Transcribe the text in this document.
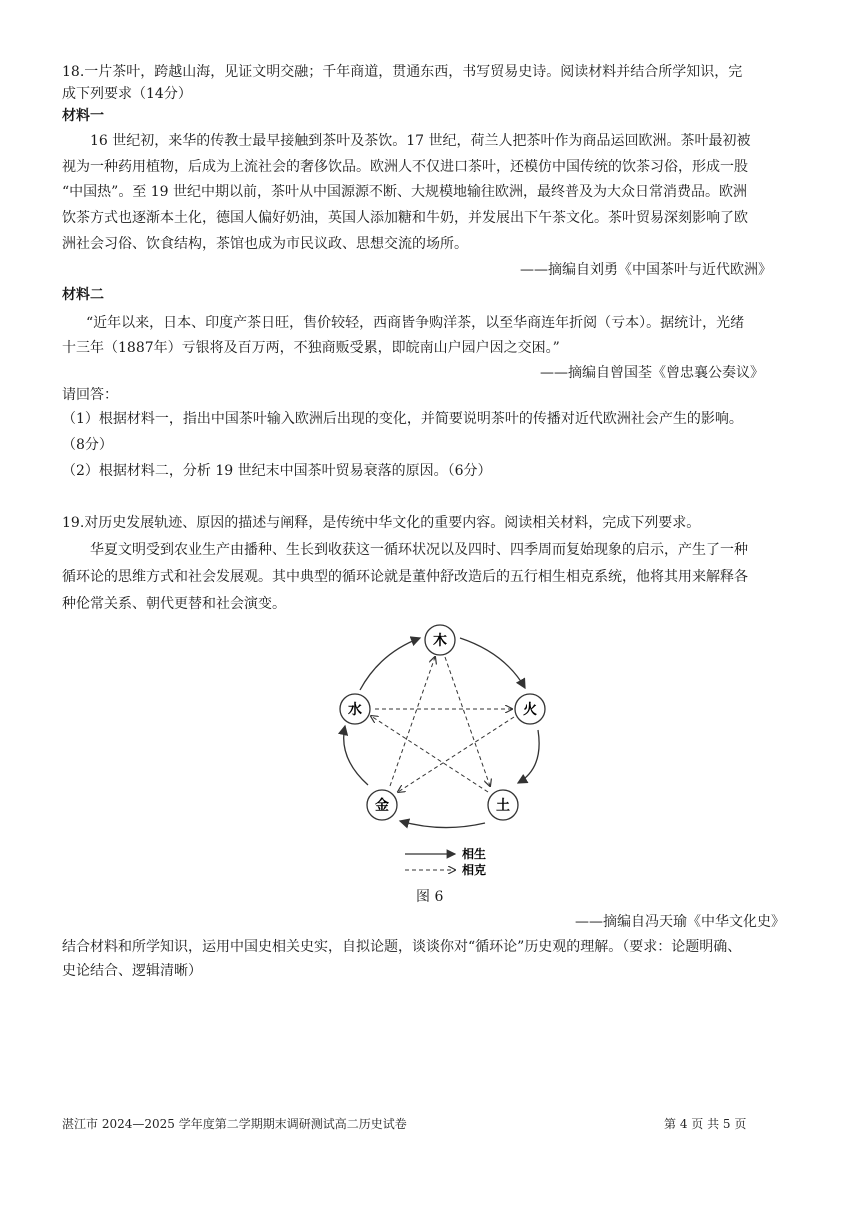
18.一片茶叶，跨越山海，见证文明交融；千年商道，贯通东西，书写贸易史诗。阅读材料并结合所学知识，完

成下列要求（14分）

材料一

16 世纪初，来华的传教士最早接触到茶叶及茶饮。17 世纪，荷兰人把茶叶作为商品运回欧洲。茶叶最初被

视为一种药用植物，后成为上流社会的奢侈饮品。欧洲人不仅进口茶叶，还模仿中国传统的饮茶习俗，形成一股

“中国热”。至 19 世纪中期以前，茶叶从中国源源不断、大规模地输往欧洲，最终普及为大众日常消费品。欧洲

饮茶方式也逐渐本土化，德国人偏好奶油，英国人添加糖和牛奶，并发展出下午茶文化。茶叶贸易深刻影响了欧

洲社会习俗、饮食结构，茶馆也成为市民议政、思想交流的场所。

——摘编自刘勇《中国茶叶与近代欧洲》

材料二

“近年以来，日本、印度产茶日旺，售价较轻，西商皆争购洋茶，以至华商连年折阅（亏本）。据统计，光绪

十三年（1887年）亏银将及百万两，不独商贩受累，即皖南山户园户因之交困。”

——摘编自曾国荃《曾忠襄公奏议》

请回答：

（1）根据材料一，指出中国茶叶输入欧洲后出现的变化，并简要说明茶叶的传播对近代欧洲社会产生的影响。

（8分）

（2）根据材料二，分析 19 世纪末中国茶叶贸易衰落的原因。（6分）

19.对历史发展轨迹、原因的描述与阐释，是传统中华文化的重要内容。阅读相关材料，完成下列要求。

华夏文明受到农业生产由播种、生长到收获这一循环状况以及四时、四季周而复始现象的启示，产生了一种

循环论的思维方式和社会发展观。其中典型的循环论就是董仲舒改造后的五行相生相克系统，他将其用来解释各

种伦常关系、朝代更替和社会演变。

木
火
土
金
水
相生
相克

图 6

——摘编自冯天瑜《中华文化史》

结合材料和所学知识，运用中国史相关史实，自拟论题，谈谈你对“循环论”历史观的理解。（要求：论题明确、

史论结合、逻辑清晰）

湛江市 2024—2025 学年度第二学期期末调研测试高二历史试卷	第 4 页 共 5 页
